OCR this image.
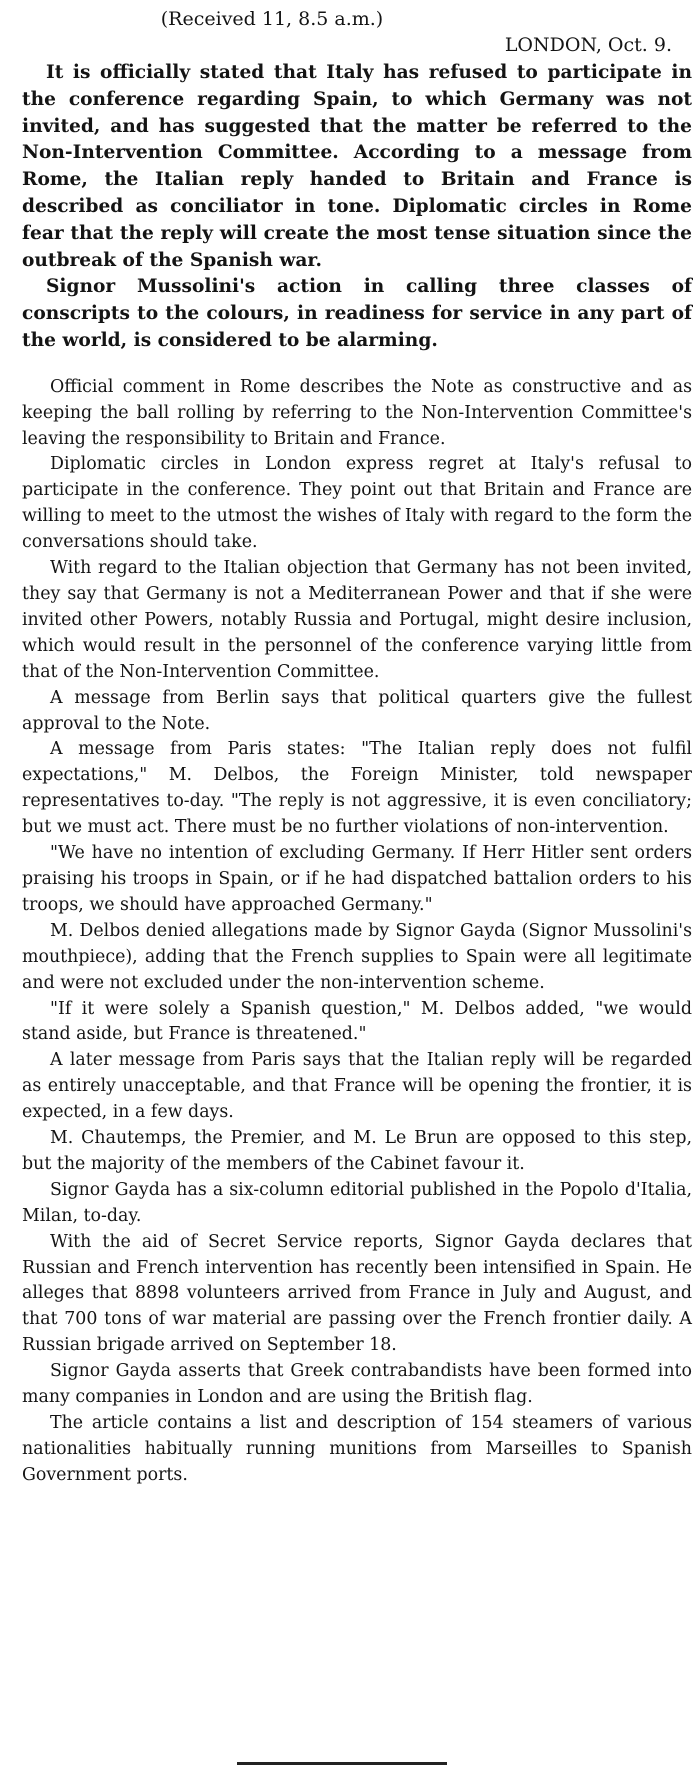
(Received 11, 8.5 a.m.)

LONDON, Oct. 9.

It is officially stated that Italy has refused to participate in the conference regarding Spain, to which Germany was not invited, and has suggested that the matter be referred to the Non-Intervention Committee. According to a message from Rome, the Italian reply handed to Britain and France is described as conciliator in tone. Diplomatic circles in Rome fear that the reply will create the most tense situation since the outbreak of the Spanish war.

Signor Mussolini's action in calling three classes of conscripts to the colours, in readiness for service in any part of the world, is considered to be alarming.

Official comment in Rome describes the Note as constructive and as keeping the ball rolling by referring to the Non-Intervention Committee's leaving the responsibility to Britain and France.

Diplomatic circles in London express regret at Italy's refusal to participate in the conference. They point out that Britain and France are willing to meet to the utmost the wishes of Italy with regard to the form the conversations should take.

With regard to the Italian objection that Germany has not been invited, they say that Germany is not a Mediterranean Power and that if she were invited other Powers, notably Russia and Portugal, might desire inclusion, which would result in the personnel of the conference varying little from that of the Non-Intervention Committee.

A message from Berlin says that political quarters give the fullest approval to the Note.

A message from Paris states: "The Italian reply does not fulfil expectations," M. Delbos, the Foreign Minister, told newspaper representatives to-day. "The reply is not aggressive, it is even conciliatory; but we must act. There must be no further violations of non-intervention.

"We have no intention of excluding Germany. If Herr Hitler sent orders praising his troops in Spain, or if he had dispatched battalion orders to his troops, we should have approached Germany."

M. Delbos denied allegations made by Signor Gayda (Signor Mussolini's mouthpiece), adding that the French supplies to Spain were all legitimate and were not excluded under the non-intervention scheme.

"If it were solely a Spanish question," M. Delbos added, "we would stand aside, but France is threatened."

A later message from Paris says that the Italian reply will be regarded as entirely unacceptable, and that France will be opening the frontier, it is expected, in a few days.

M. Chautemps, the Premier, and M. Le Brun are opposed to this step, but the majority of the members of the Cabinet favour it.

Signor Gayda has a six-column editorial published in the Popolo d'Italia, Milan, to-day.

With the aid of Secret Service reports, Signor Gayda declares that Russian and French intervention has recently been intensified in Spain. He alleges that 8898 volunteers arrived from France in July and August, and that 700 tons of war material are passing over the French frontier daily. A Russian brigade arrived on September 18.

Signor Gayda asserts that Greek contrabandists have been formed into many companies in London and are using the British flag.

The article contains a list and description of 154 steamers of various nationalities habitually running munitions from Marseilles to Spanish Government ports.
